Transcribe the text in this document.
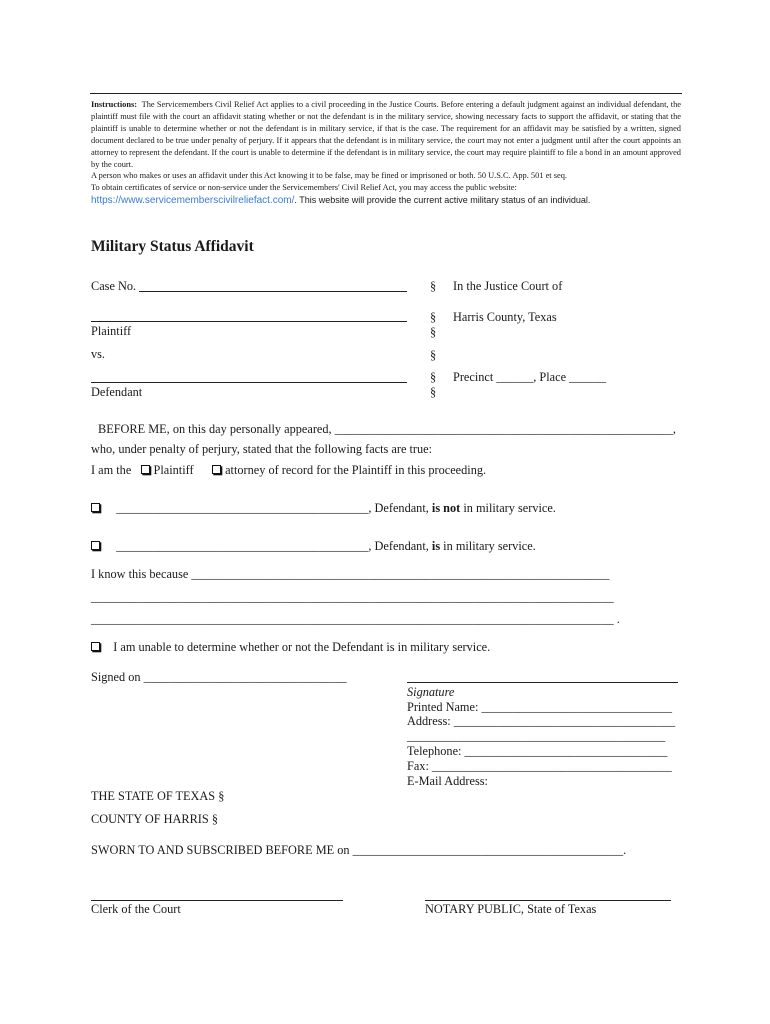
Instructions: The Servicemembers Civil Relief Act applies to a civil proceeding in the Justice Courts. Before entering a default judgment against an individual defendant, the plaintiff must file with the court an affidavit stating whether or not the defendant is in the military service, showing necessary facts to support the affidavit, or stating that the plaintiff is unable to determine whether or not the defendant is in military service, if that is the case. The requirement for an affidavit may be satisfied by a written, signed document declared to be true under penalty of perjury. If it appears that the defendant is in military service, the court may not enter a judgment until after the court appoints an attorney to represent the defendant. If the court is unable to determine if the defendant is in military service, the court may require plaintiff to file a bond in an amount approved by the court.

A person who makes or uses an affidavit under this Act knowing it to be false, may be fined or imprisoned or both. 50 U.S.C. App. 501 et seq.

To obtain certificates of service or non-service under the Servicemembers' Civil Relief Act, you may access the public website:

https://www.servicememberscivilreliefact.com/. This website will provide the current active military status of an individual.

Military Status Affidavit
Case No.	§ In the Justice Court of
§ Harris County, Texas
Plaintiff	§
vs.	§
§ Precinct ______, Place ______
Defendant	§
BEFORE ME, on this day personally appeared, _______________________________________________________,
who, under penalty of perjury, stated that the following facts are true:
I am the Plaintiff	attorney of record for the Plaintiff in this proceeding.
_________________________________________, Defendant, is not in military service.
_________________________________________, Defendant, is in military service.
I know this because ____________________________________________________________________
_____________________________________________________________________________________
_____________________________________________________________________________________ .
I am unable to determine whether or not the Defendant is in military service.
Signed on _________________________________
Signature
Printed Name: _______________________________
Address: ____________________________________
__________________________________________
Telephone: _________________________________
Fax: _______________________________________
E-Mail Address:
THE STATE OF TEXAS §
COUNTY OF HARRIS §
SWORN TO AND SUBSCRIBED BEFORE ME on ____________________________________________.
Clerk of the Court	NOTARY PUBLIC, State of Texas
